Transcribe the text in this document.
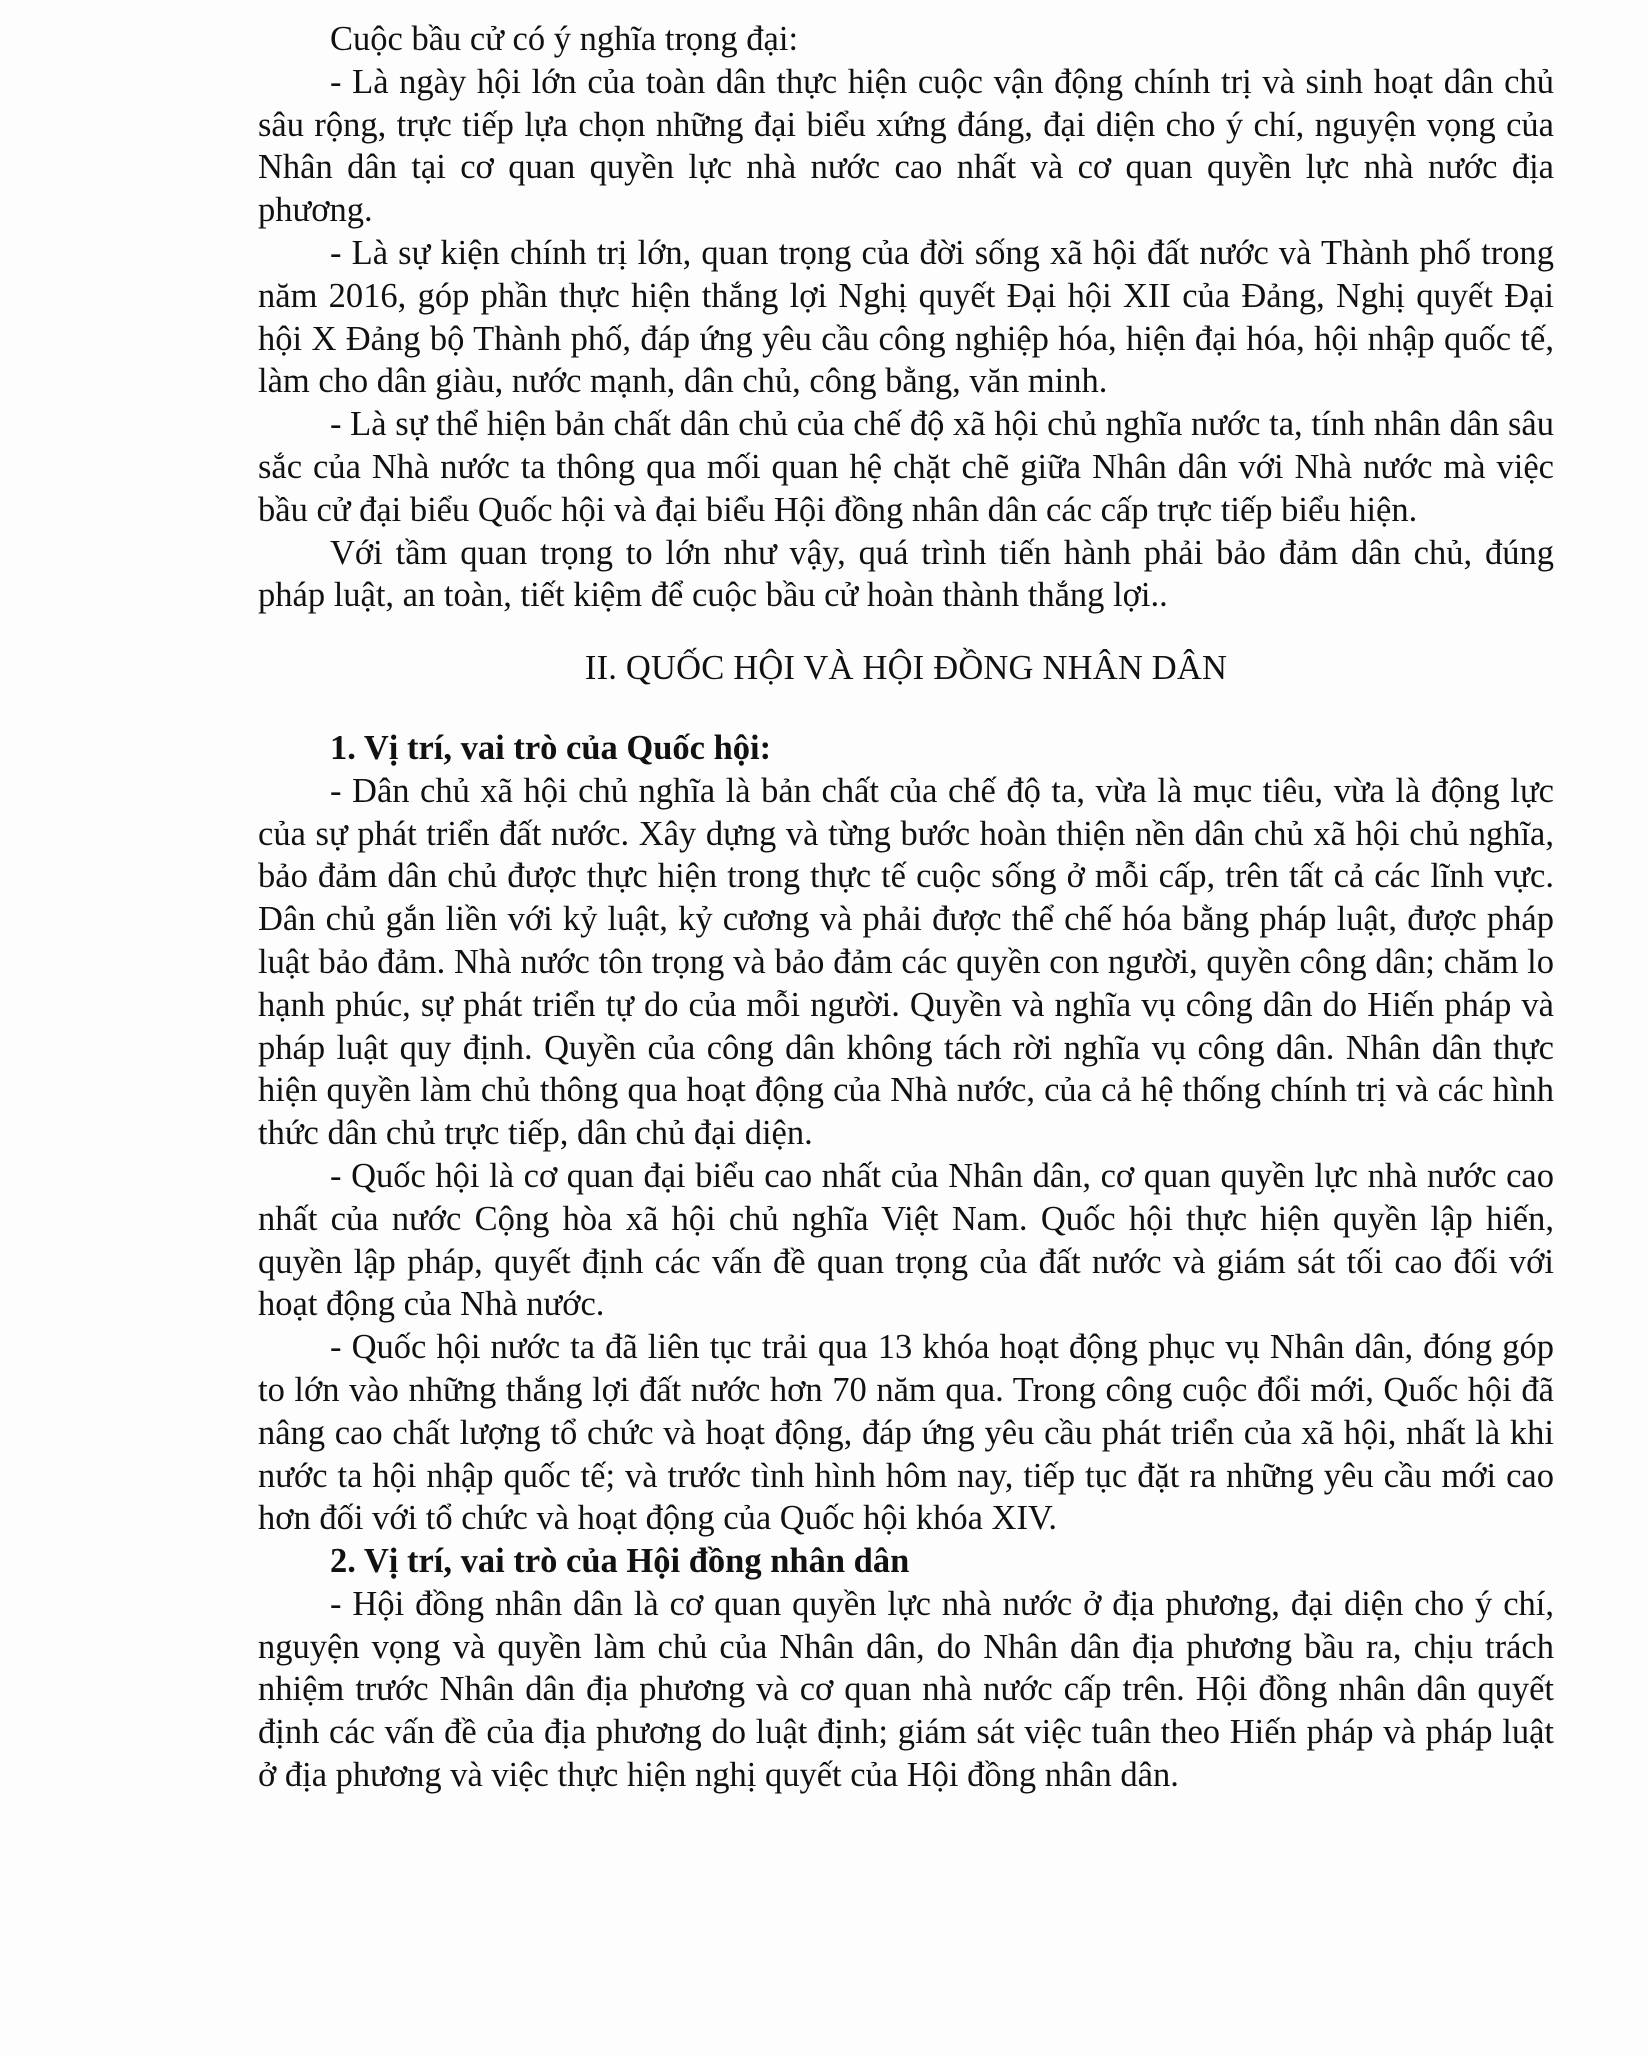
Cuộc bầu cử có ý nghĩa trọng đại:

- Là ngày hội lớn của toàn dân thực hiện cuộc vận động chính trị và sinh hoạt dân chủ sâu rộng, trực tiếp lựa chọn những đại biểu xứng đáng, đại diện cho ý chí, nguyện vọng của Nhân dân tại cơ quan quyền lực nhà nước cao nhất và cơ quan quyền lực nhà nước địa phương.

- Là sự kiện chính trị lớn, quan trọng của đời sống xã hội đất nước và Thành phố trong năm 2016, góp phần thực hiện thắng lợi Nghị quyết Đại hội XII của Đảng, Nghị quyết Đại hội X Đảng bộ Thành phố, đáp ứng yêu cầu công nghiệp hóa, hiện đại hóa, hội nhập quốc tế, làm cho dân giàu, nước mạnh, dân chủ, công bằng, văn minh.

- Là sự thể hiện bản chất dân chủ của chế độ xã hội chủ nghĩa nước ta, tính nhân dân sâu sắc của Nhà nước ta thông qua mối quan hệ chặt chẽ giữa Nhân dân với Nhà nước mà việc bầu cử đại biểu Quốc hội và đại biểu Hội đồng nhân dân các cấp trực tiếp biểu hiện.

Với tầm quan trọng to lớn như vậy, quá trình tiến hành phải bảo đảm dân chủ, đúng pháp luật, an toàn, tiết kiệm để cuộc bầu cử hoàn thành thắng lợi..

II. QUỐC HỘI VÀ HỘI ĐỒNG NHÂN DÂN

1. Vị trí, vai trò của Quốc hội:

- Dân chủ xã hội chủ nghĩa là bản chất của chế độ ta, vừa là mục tiêu, vừa là động lực của sự phát triển đất nước. Xây dựng và từng bước hoàn thiện nền dân chủ xã hội chủ nghĩa, bảo đảm dân chủ được thực hiện trong thực tế cuộc sống ở mỗi cấp, trên tất cả các lĩnh vực. Dân chủ gắn liền với kỷ luật, kỷ cương và phải được thể chế hóa bằng pháp luật, được pháp luật bảo đảm. Nhà nước tôn trọng và bảo đảm các quyền con người, quyền công dân; chăm lo hạnh phúc, sự phát triển tự do của mỗi người. Quyền và nghĩa vụ công dân do Hiến pháp và pháp luật quy định. Quyền của công dân không tách rời nghĩa vụ công dân. Nhân dân thực hiện quyền làm chủ thông qua hoạt động của Nhà nước, của cả hệ thống chính trị và các hình thức dân chủ trực tiếp, dân chủ đại diện.

- Quốc hội là cơ quan đại biểu cao nhất của Nhân dân, cơ quan quyền lực nhà nước cao nhất của nước Cộng hòa xã hội chủ nghĩa Việt Nam. Quốc hội thực hiện quyền lập hiến, quyền lập pháp, quyết định các vấn đề quan trọng của đất nước và giám sát tối cao đối với hoạt động của Nhà nước.

- Quốc hội nước ta đã liên tục trải qua 13 khóa hoạt động phục vụ Nhân dân, đóng góp to lớn vào những thắng lợi đất nước hơn 70 năm qua. Trong công cuộc đổi mới, Quốc hội đã nâng cao chất lượng tổ chức và hoạt động, đáp ứng yêu cầu phát triển của xã hội, nhất là khi nước ta hội nhập quốc tế; và trước tình hình hôm nay, tiếp tục đặt ra những yêu cầu mới cao hơn đối với tổ chức và hoạt động của Quốc hội khóa XIV.

2. Vị trí, vai trò của Hội đồng nhân dân

- Hội đồng nhân dân là cơ quan quyền lực nhà nước ở địa phương, đại diện cho ý chí, nguyện vọng và quyền làm chủ của Nhân dân, do Nhân dân địa phương bầu ra, chịu trách nhiệm trước Nhân dân địa phương và cơ quan nhà nước cấp trên. Hội đồng nhân dân quyết định các vấn đề của địa phương do luật định; giám sát việc tuân theo Hiến pháp và pháp luật ở địa phương và việc thực hiện nghị quyết của Hội đồng nhân dân.
